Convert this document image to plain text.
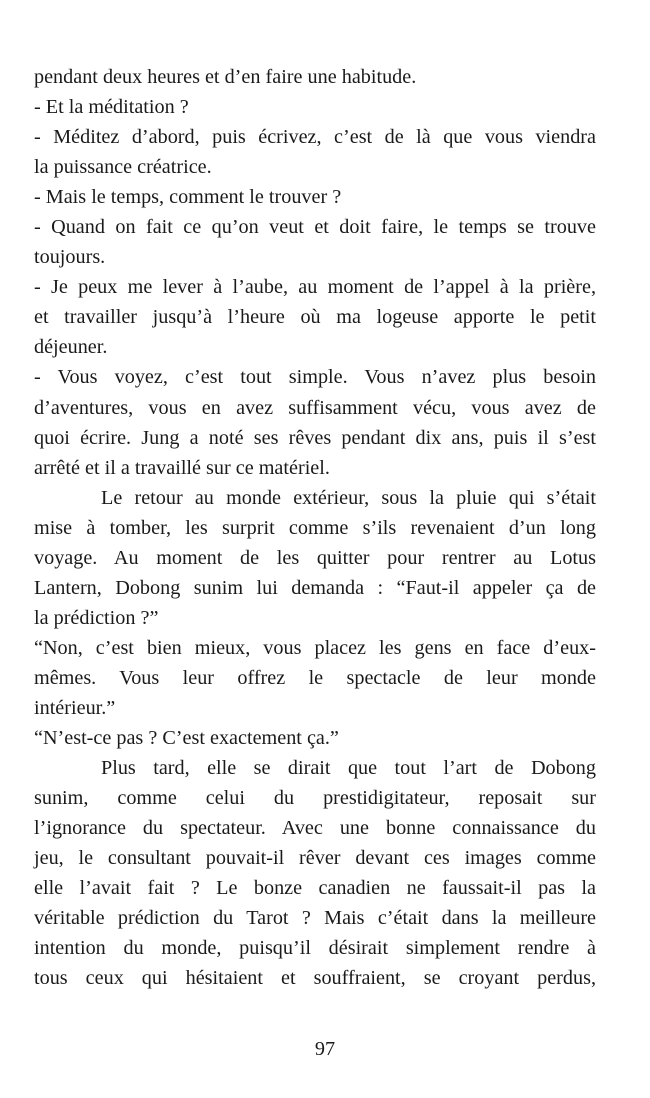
pendant deux heures et d’en faire une habitude.
- Et la méditation ?
- Méditez d’abord, puis écrivez, c’est de là que vous viendra
la puissance créatrice.
- Mais le temps, comment le trouver ?
- Quand on fait ce qu’on veut et doit faire, le temps se trouve
toujours.
- Je peux me lever à l’aube, au moment de l’appel à la prière,
et travailler jusqu’à l’heure où ma logeuse apporte le petit
déjeuner.
- Vous voyez, c’est tout simple. Vous n’avez plus besoin
d’aventures, vous en avez suffisamment vécu, vous avez de
quoi écrire. Jung a noté ses rêves pendant dix ans, puis il s’est
arrêté et il a travaillé sur ce matériel.
Le retour au monde extérieur, sous la pluie qui s’était
mise à tomber, les surprit comme s’ils revenaient d’un long
voyage. Au moment de les quitter pour rentrer au Lotus
Lantern, Dobong sunim lui demanda : “Faut-il appeler ça de
la prédiction ?”
“Non, c’est bien mieux, vous placez les gens en face d’eux-
mêmes. Vous leur offrez le spectacle de leur monde
intérieur.”
“N’est-ce pas ? C’est exactement ça.”
Plus tard, elle se dirait que tout l’art de Dobong
sunim, comme celui du prestidigitateur, reposait sur
l’ignorance du spectateur. Avec une bonne connaissance du
jeu, le consultant pouvait-il rêver devant ces images comme
elle l’avait fait ? Le bonze canadien ne faussait-il pas la
véritable prédiction du Tarot ? Mais c’était dans la meilleure
intention du monde, puisqu’il désirait simplement rendre à
tous ceux qui hésitaient et souffraient, se croyant perdus,
97
